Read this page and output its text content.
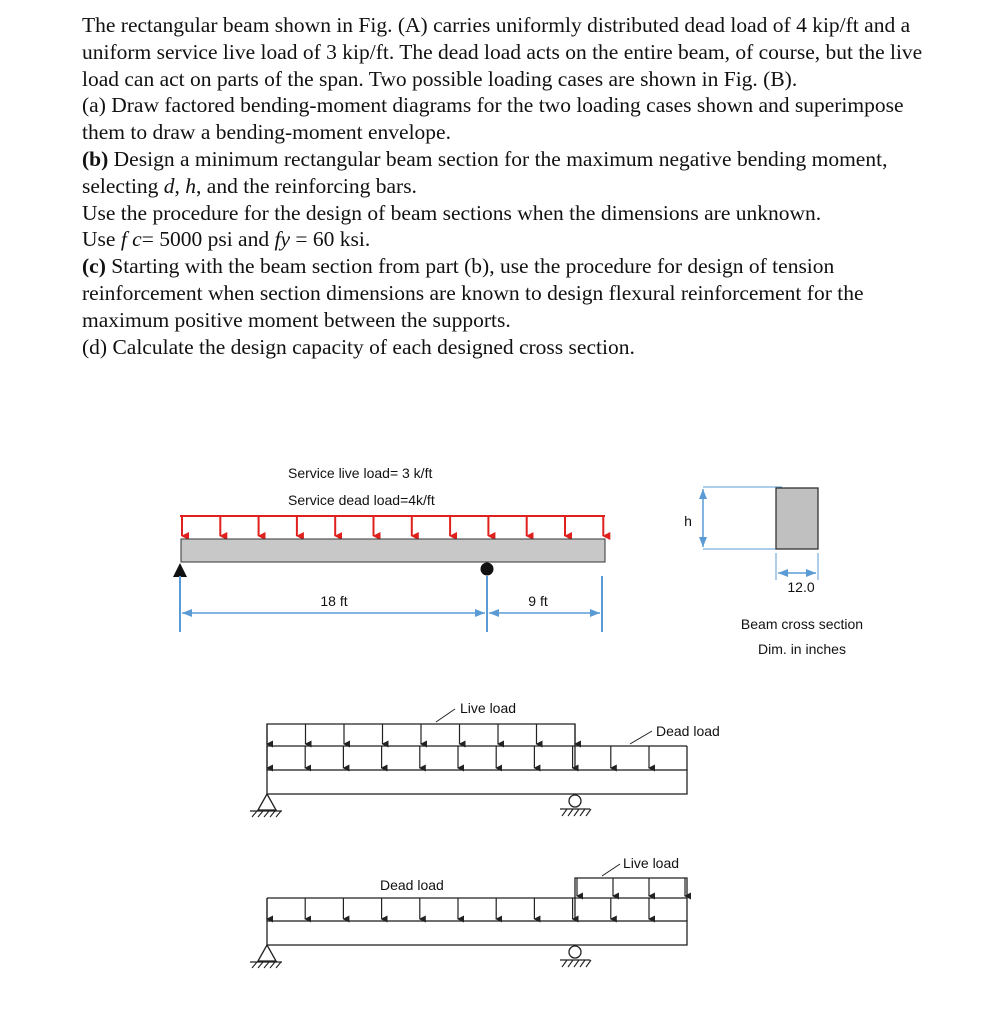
The rectangular beam shown in Fig. (A) carries uniformly distributed dead load of 4 kip/ft and a uniform service live load of 3 kip/ft. The dead load acts on the entire beam, of course, but the live load can act on parts of the span. Two possible loading cases are shown in Fig. (B).

(a) Draw factored bending-moment diagrams for the two loading cases shown and superimpose them to draw a bending-moment envelope.

(b) Design a minimum rectangular beam section for the maximum negative bending moment, selecting d, h, and the reinforcing bars.

Use the procedure for the design of beam sections when the dimensions are unknown.

Use f c= 5000 psi and fy = 60 ksi.

(c) Starting with the beam section from part (b), use the procedure for design of tension reinforcement when section dimensions are known to design flexural reinforcement for the maximum positive moment between the supports.

(d) Calculate the design capacity of each designed cross section.

Service live load= 3 k/ft
Service dead load=4k/ft
18 ft	9 ft
h
12.0
Beam cross section
Dim. in inches
Live load
Dead load
Dead load
Live load
